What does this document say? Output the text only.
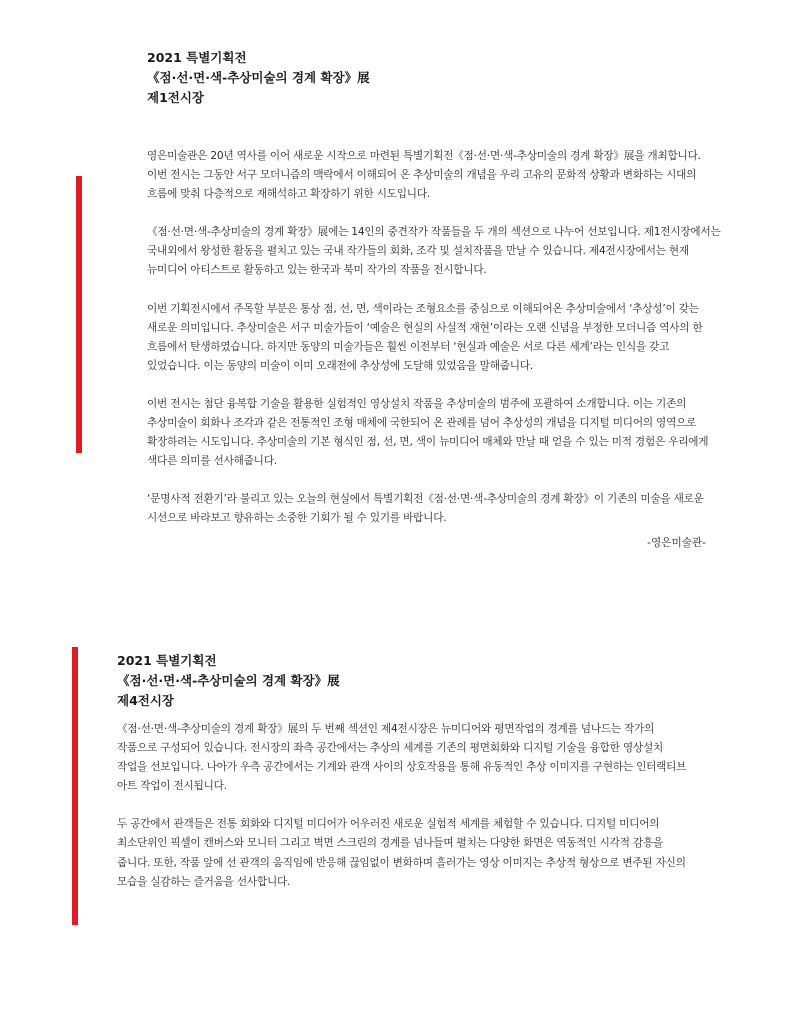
2021 특별기획전
《점·선·면·색-추상미술의 경계 확장》展
제1전시장

영은미술관은 20년 역사를 이어 새로운 시작으로 마련된 특별기획전《점·선·면·색-추상미술의 경계 확장》展을 개최합니다. 이번 전시는 그동안 서구 모더니즘의 맥락에서 이해되어 온 추상미술의 개념을 우리 고유의 문화적 상황과 변화하는 시대의 흐름에 맞춰 다층적으로 재해석하고 확장하기 위한 시도입니다.

《점·선·면·색-추상미술의 경계 확장》展에는 14인의 중견작가 작품들을 두 개의 섹션으로 나누어 선보입니다. 제1전시장에서는 국내외에서 왕성한 활동을 펼치고 있는 국내 작가들의 회화, 조각 및 설치작품을 만날 수 있습니다. 제4전시장에서는 현재 뉴미디어 아티스트로 활동하고 있는 한국과 북미 작가의 작품을 전시합니다.

이번 기획전시에서 주목할 부분은 통상 점, 선, 면, 색이라는 조형요소를 중심으로 이해되어온 추상미술에서 ‘추상성’이 갖는 새로운 의미입니다. 추상미술은 서구 미술가들이 ‘예술은 현실의 사실적 재현’이라는 오랜 신념을 부정한 모더니즘 역사의 한 흐름에서 탄생하였습니다. 하지만 동양의 미술가들은 훨씬 이전부터 ‘현실과 예술은 서로 다른 세계’라는 인식을 갖고 있었습니다. 이는 동양의 미술이 이미 오래전에 추상성에 도달해 있었음을 말해줍니다.

이번 전시는 첨단 융복합 기술을 활용한 실험적인 영상설치 작품을 추상미술의 범주에 포괄하여 소개합니다. 이는 기존의 추상미술이 회화나 조각과 같은 전통적인 조형 매체에 국한되어 온 관례를 넘어 추상성의 개념을 디지털 미디어의 영역으로 확장하려는 시도입니다. 추상미술의 기본 형식인 점, 선, 면, 색이 뉴미디어 매체와 만날 때 얻을 수 있는 미적 경험은 우리에게 색다른 의미를 선사해줍니다.

‘문명사적 전환기’라 불리고 있는 오늘의 현실에서 특별기획전《점·선·면·색-추상미술의 경계 확장》이 기존의 미술을 새로운 시선으로 바라보고 향유하는 소중한 기회가 될 수 있기를 바랍니다.

-영은미술관-
2021 특별기획전
《점·선·면·색-추상미술의 경계 확장》展
제4전시장

《점·선·면·색-추상미술의 경계 확장》展의 두 번째 섹션인 제4전시장은 뉴미디어와 평면작업의 경계를 넘나드는 작가의 작품으로 구성되어 있습니다. 전시장의 좌측 공간에서는 추상의 세계를 기존의 평면회화와 디지털 기술을 융합한 영상설치 작업을 선보입니다. 나아가 우측 공간에서는 기계와 관객 사이의 상호작용을 통해 유동적인 추상 이미지를 구현하는 인터랙티브 아트 작업이 전시됩니다.

두 공간에서 관객들은 전통 회화와 디지털 미디어가 어우러진 새로운 실험적 세계를 체험할 수 있습니다. 디지털 미디어의 최소단위인 픽셀이 캔버스와 모니터 그리고 벽면 스크린의 경계를 넘나들며 펼치는 다양한 화면은 역동적인 시각적 감흥을 줍니다. 또한, 작품 앞에 선 관객의 움직임에 반응해 끊임없이 변화하며 흘러가는 영상 이미지는 추상적 형상으로 변주된 자신의 모습을 실감하는 즐거움을 선사합니다.
